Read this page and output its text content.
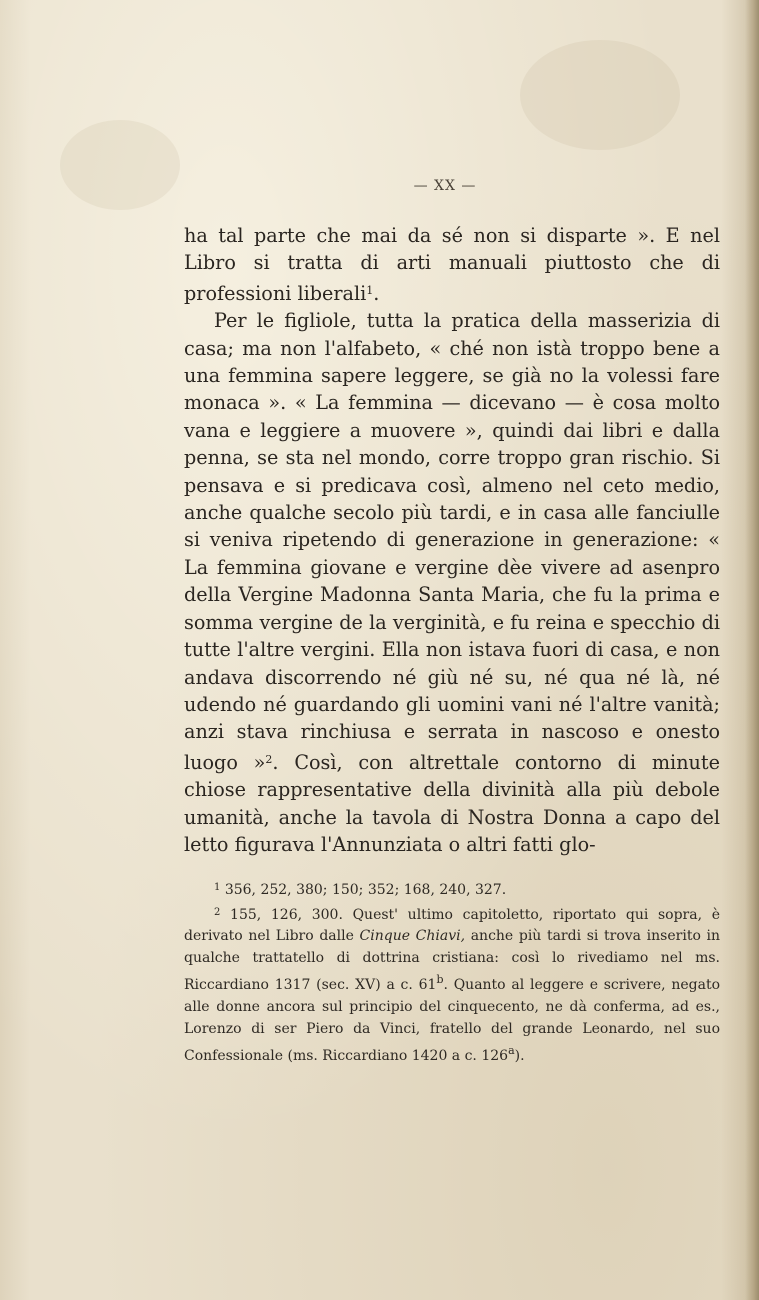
— XX —

ha tal parte che mai da sé non si disparte ». E nel Libro si tratta di arti manuali piuttosto che di professioni liberali$^1$.

Per le figliole, tutta la pratica della masserizia di casa; ma non l'alfabeto, « ché non istà troppo bene a una femmina sapere leggere, se già no la volessi fare monaca ». « La femmina — dicevano — è cosa molto vana e leggiere a muovere », quindi dai libri e dalla penna, se sta nel mondo, corre troppo gran rischio. Si pensava e si predicava così, almeno nel ceto medio, anche qualche secolo più tardi, e in casa alle fanciulle si veniva ripetendo di generazione in generazione: « La femmina giovane e vergine dèe vivere ad asenpro della Vergine Madonna Santa Maria, che fu la prima e somma vergine de la verginità, e fu reina e specchio di tutte l'altre vergini. Ella non istava fuori di casa, e non andava discorrendo né giù né su, né qua né là, né udendo né guardando gli uomini vani né l'altre vanità; anzi stava rinchiusa e serrata in nascoso e onesto luogo »$^2$. Così, con altrettale contorno di minute chiose rappresentative della divinità alla più debole umanità, anche la tavola di Nostra Donna a capo del letto figurava l'Annunziata o altri fatti glo-

$^1$ 356, 252, 380; 150; 352; 168, 240, 327.

$^2$ 155, 126, 300. Quest' ultimo capitoletto, riportato qui sopra, è derivato nel Libro dalle Cinque Chiavi, anche più tardi si trova inserito in qualche trattatello di dottrina cristiana: così lo rivediamo nel ms. Riccardiano 1317 (sec. XV) a c. 61$^b$. Quanto al leggere e scrivere, negato alle donne ancora sul principio del cinquecento, ne dà conferma, ad es., Lorenzo di ser Piero da Vinci, fratello del grande Leonardo, nel suo Confessionale (ms. Riccardiano 1420 a c. 126$^a$).
